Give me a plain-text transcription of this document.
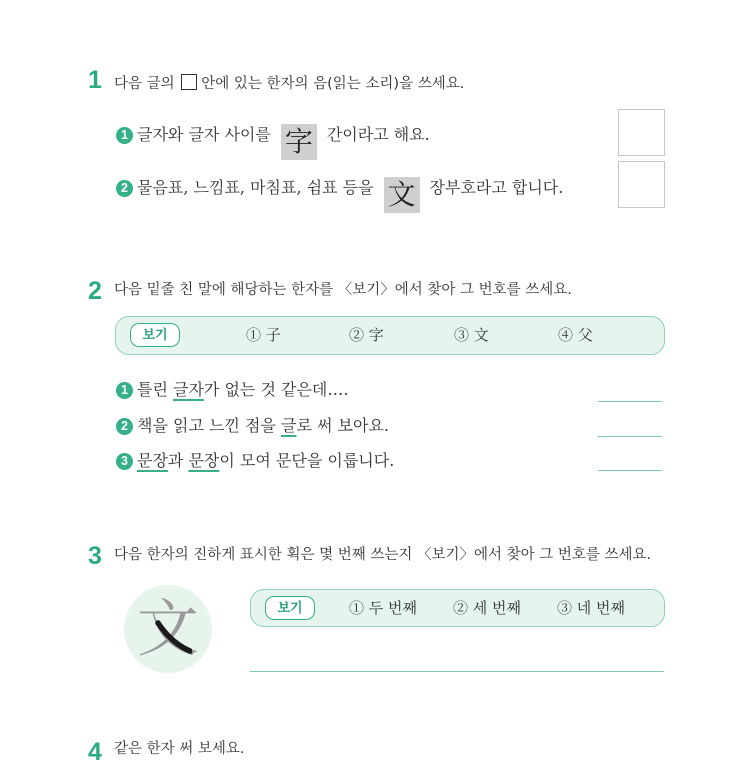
1 다음 글의 안에 있는 한자의 음(읽는 소리)을 쓰세요.
1 글자와 글자 사이를 字 간이라고 해요.
2 물음표, 느낌표, 마침표, 쉼표 등을 文 장부호라고 합니다.
2 다음 밑줄 친 말에 해당하는 한자를 〈보기〉에서 찾아 그 번호를 쓰세요.
보기	① 子	② 字	③ 文	④ 父
1 틀린 글자가 없는 것 같은데….
2 책을 읽고 느낀 점을 글로 써 보아요.
3 문장과 문장이 모여 문단을 이룹니다.
3 다음 한자의 진하게 표시한 획은 몇 번째 쓰는지 〈보기〉에서 찾아 그 번호를 쓰세요.
文	보기	① 두 번째 ② 세 번째 ③ 네 번째
4 같은 한자 써 보세요.
